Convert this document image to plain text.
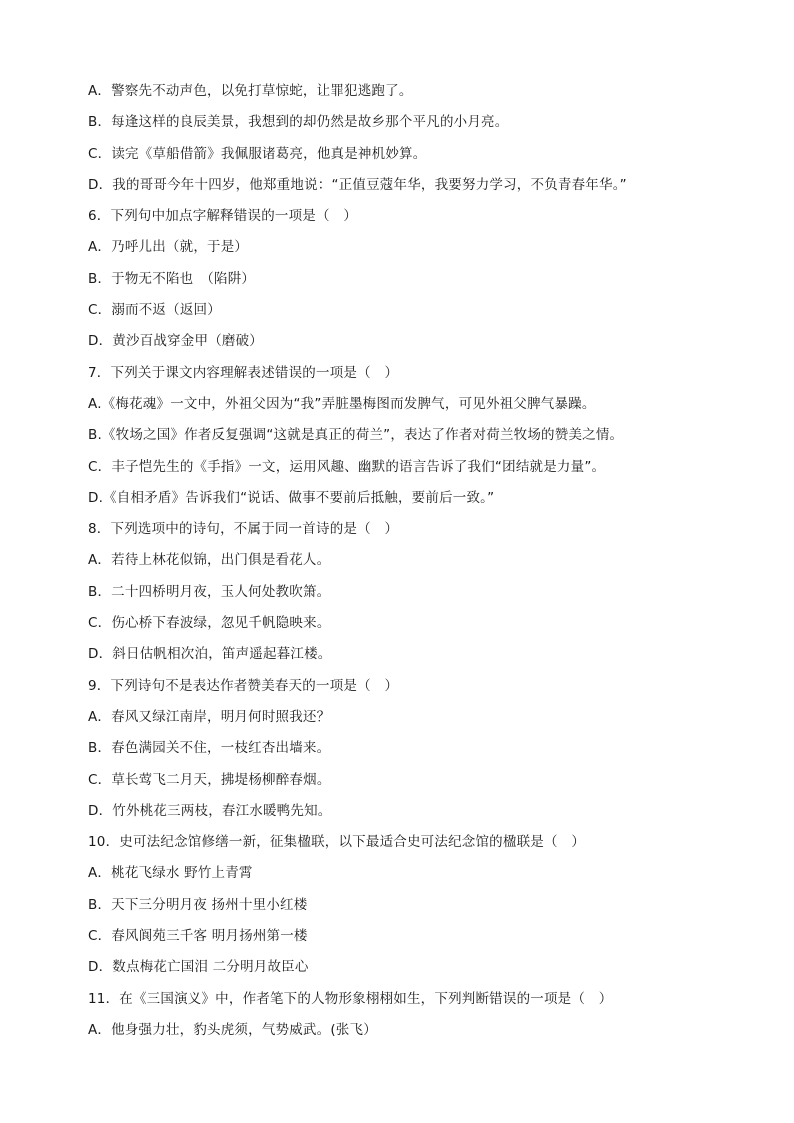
A．警察先不动声色，以免打草惊蛇，让罪犯逃跑了。
B．每逢这样的良辰美景，我想到的却仍然是故乡那个平凡的小月亮。
C．读完《草船借箭》我佩服诸葛亮，他真是神机妙算。
D．我的哥哥今年十四岁，他郑重地说：“正值豆蔻年华，我要努力学习，不负青春年华。”
6．下列句中加点字解释错误的一项是（　）
A．乃呼儿出（就，于是）
B．于物无不陷也　（陷阱）
C．溺而不返（返回）
D．黄沙百战穿金甲（磨破）
7．下列关于课文内容理解表述错误的一项是（　）
A.《梅花魂》一文中，外祖父因为“我”弄脏墨梅图而发脾气，可见外祖父脾气暴躁。
B.《牧场之国》作者反复强调“这就是真正的荷兰”，表达了作者对荷兰牧场的赞美之情。
C．丰子恺先生的《手指》一文，运用风趣、幽默的语言告诉了我们“团结就是力量”。
D.《自相矛盾》告诉我们“说话、做事不要前后抵触，要前后一致。”
8．下列选项中的诗句，不属于同一首诗的是（　）
A．若待上林花似锦，出门俱是看花人。
B．二十四桥明月夜，玉人何处教吹箫。
C．伤心桥下春波绿，忽见千帆隐映来。
D．斜日估帆相次泊，笛声遥起暮江楼。
9．下列诗句不是表达作者赞美春天的一项是（　）
A．春风又绿江南岸，明月何时照我还？
B．春色满园关不住，一枝红杏出墙来。
C．草长莺飞二月天，拂堤杨柳醉春烟。
D．竹外桃花三两枝，春江水暖鸭先知。
10．史可法纪念馆修缮一新，征集楹联，以下最适合史可法纪念馆的楹联是（　）
A．桃花飞绿水 野竹上青霄
B．天下三分明月夜 扬州十里小红楼
C．春风阆苑三千客 明月扬州第一楼
D．数点梅花亡国泪 二分明月故臣心
11．在《三国演义》中，作者笔下的人物形象栩栩如生，下列判断错误的一项是（　）
A．他身强力壮，豹头虎须，气势威武。(张飞）
